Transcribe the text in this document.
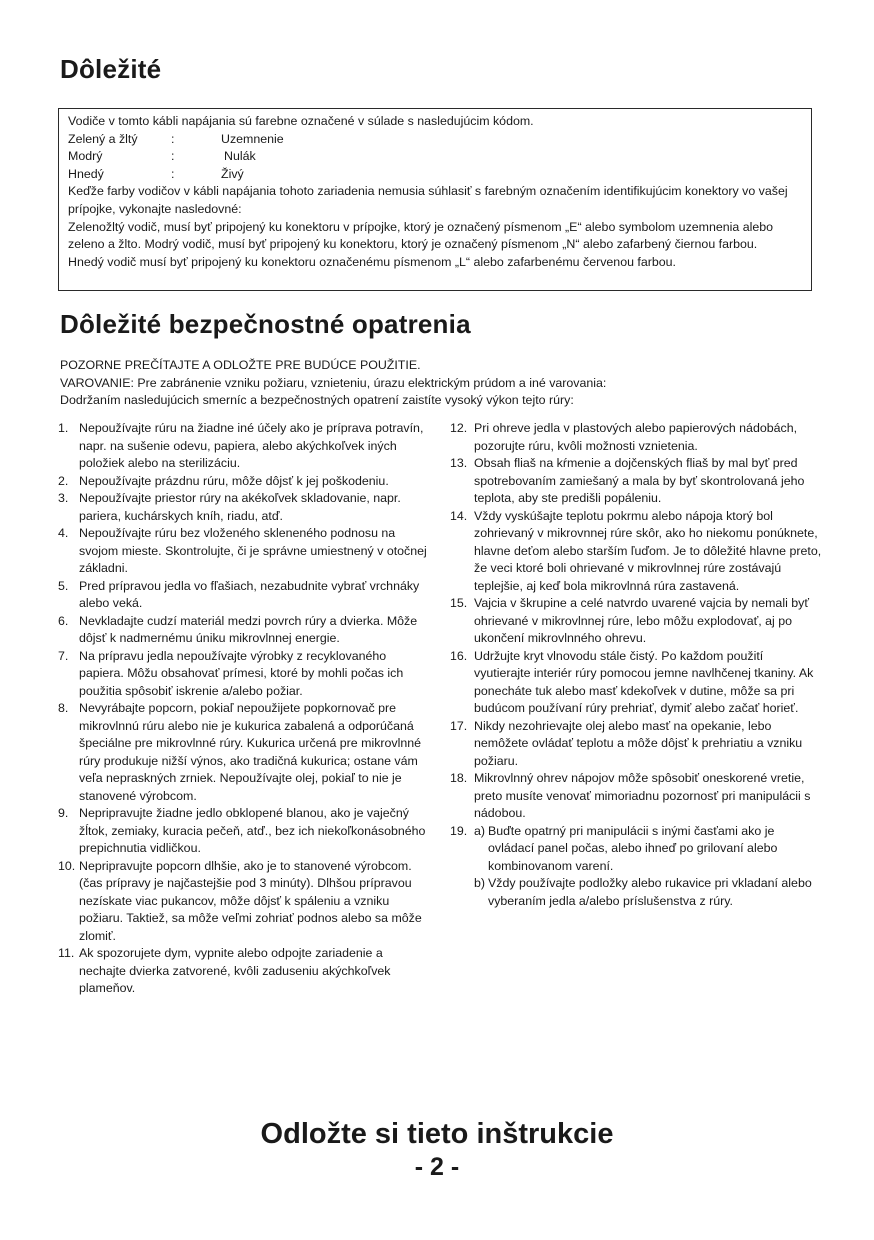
Dôležité

Vodiče v tomto kábli napájania sú farebne označené v súlade s nasledujúcim kódom.

Zelený a žltý	:	Uzemnenie
Modrý	:	Nulák
Hnedý	:	Živý

Keďže farby vodičov v kábli napájania tohoto zariadenia nemusia súhlasiť s farebným označením identifikujúcim konektory vo vašej prípojke, vykonajte nasledovné:

Zelenožltý vodič, musí byť pripojený ku konektoru v prípojke, ktorý je označený písmenom „E“ alebo symbolom uzemnenia alebo zeleno a žlto. Modrý vodič, musí byť pripojený ku konektoru, ktorý je označený písmenom „N“ alebo zafarbený čiernou farbou.

Hnedý vodič musí byť pripojený ku konektoru označenému písmenom „L“ alebo zafarbenému červenou farbou.

Dôležité bezpečnostné opatrenia

POZORNE PREČÍTAJTE A ODLOŽTE PRE BUDÚCE POUŽITIE.

VAROVANIE: Pre zabránenie vzniku požiaru, vznieteniu, úrazu elektrickým prúdom a iné varovania:

Dodržaním nasledujúcich smerníc a bezpečnostných opatrení zaistíte vysoký výkon tejto rúry:

1. Nepoužívajte rúru na žiadne iné účely ako je príprava potravín, napr. na sušenie odevu, papiera, alebo akýchkoľvek iných položiek alebo na sterilizáciu.
2. Nepoužívajte prázdnu rúru, môže dôjsť k jej poškodeniu.
3. Nepoužívajte priestor rúry na akékoľvek skladovanie, napr. pariera, kuchárskych kníh, riadu, atď.
4. Nepoužívajte rúru bez vloženého skleneného podnosu na svojom mieste. Skontrolujte, či je správne umiestnený v otočnej základni.
5. Pred prípravou jedla vo fľašiach, nezabudnite vybrať vrchnáky alebo veká.
6. Nevkladajte cudzí materiál medzi povrch rúry a dvierka. Môže dôjsť k nadmernému úniku mikrovlnnej energie.
7. Na prípravu jedla nepoužívajte výrobky z recyklovaného papiera. Môžu obsahovať prímesi, ktoré by mohli počas ich použitia spôsobiť iskrenie a/alebo požiar.
8. Nevyrábajte popcorn, pokiaľ nepoužijete popkornovač pre mikrovlnnú rúru alebo nie je kukurica zabalená a odporúčaná špeciálne pre mikrovlnné rúry. Kukurica určená pre mikrovlnné rúry produkuje nižší výnos, ako tradičná kukurica; ostane vám veľa nepraskných zrniek. Nepoužívajte olej, pokiaľ to nie je stanovené výrobcom.
9. Nepripravujte žiadne jedlo obklopené blanou, ako je vaječný žĺtok, zemiaky, kuracia pečeň, atď., bez ich niekoľkonásobného prepichnutia vidličkou.
10. Nepripravujte popcorn dlhšie, ako je to stanovené výrobcom. (čas prípravy je najčastejšie pod 3 minúty). Dlhšou prípravou nezískate viac pukancov, môže dôjsť k spáleniu a vzniku požiaru. Taktiež, sa môže veľmi zohriať podnos alebo sa môže zlomiť.
11. Ak spozorujete dym, vypnite alebo odpojte zariadenie a nechajte dvierka zatvorené, kvôli zaduseniu akýchkoľvek plameňov.
12. Pri ohreve jedla v plastových alebo papierových nádobách, pozorujte rúru, kvôli možnosti vznietenia.
13. Obsah fliaš na kŕmenie a dojčenských fliaš by mal byť pred spotrebovaním zamiešaný a mala by byť skontrolovaná jeho teplota, aby ste predišli popáleniu.
14. Vždy vyskúšajte teplotu pokrmu alebo nápoja ktorý bol zohrievaný v mikrovnnej rúre skôr, ako ho niekomu ponúknete, hlavne deťom alebo starším ľuďom. Je to dôležité hlavne preto, že veci ktoré boli ohrievané v mikrovlnnej rúre zostávajú teplejšie, aj keď bola mikrovlnná rúra zastavená.
15. Vajcia v škrupine a celé natvrdo uvarené vajcia by nemali byť ohrievané v mikrovlnnej rúre, lebo môžu explodovať, aj po ukončení mikrovlnného ohrevu.
16. Udržujte kryt vlnovodu stále čistý. Po každom použití vyutierajte interiér rúry pomocou jemne navlhčenej tkaniny. Ak ponecháte tuk alebo masť kdekoľvek v dutine, môže sa pri budúcom používaní rúry prehriať, dymiť alebo začať horieť.
17. Nikdy nezohrievajte olej alebo masť na opekanie, lebo nemôžete ovládať teplotu a môže dôjsť k prehriatiu a vzniku požiaru.
18. Mikrovlnný ohrev nápojov môže spôsobiť oneskorené vretie, preto musíte venovať mimoriadnu pozornosť pri manipulácii s nádobou.
19. a) Buďte opatrný pri manipulácii s inými časťami ako je ovládací panel počas, alebo ihneď po grilovaní alebo kombinovanom varení.
b) Vždy používajte podložky alebo rukavice pri vkladaní alebo vyberaním jedla a/alebo príslušenstva z rúry.
Odložte si tieto inštrukcie
- 2 -
